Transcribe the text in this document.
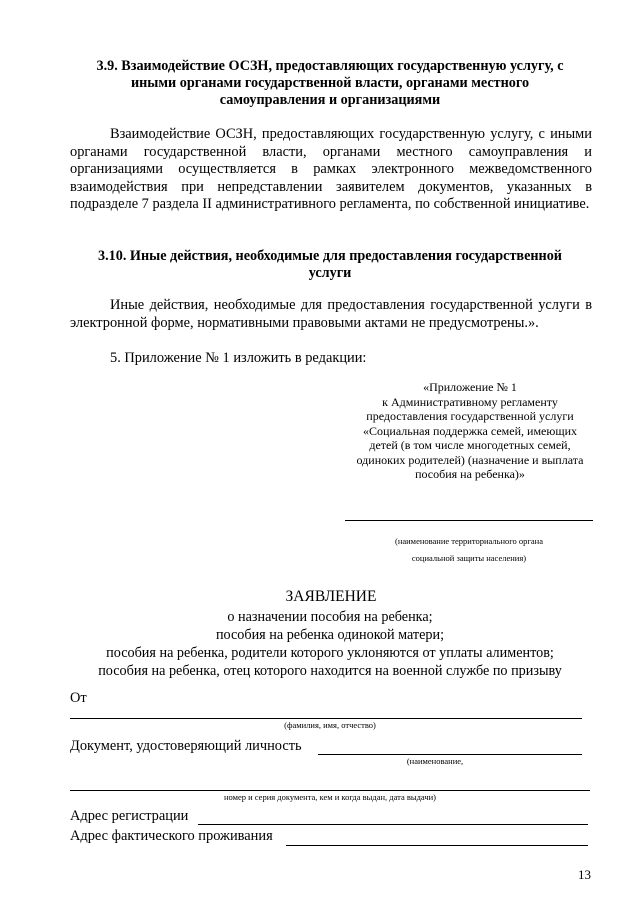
3.9. Взаимодействие ОСЗН, предоставляющих государственную услугу, с
иными органами государственной власти, органами местного
самоуправления и организациями
Взаимодействие ОСЗН, предоставляющих государственную услугу, с иными органами государственной власти, органами местного самоуправления и организациями осуществляется в рамках электронного межведомственного взаимодействия при непредставлении заявителем документов, указанных в подразделе 7 раздела II административного регламента, по собственной инициативе.
3.10. Иные действия, необходимые для предоставления государственной
услуги
Иные действия, необходимые для предоставления государственной услуги в электронной форме, нормативными правовыми актами не предусмотрены.».
5. Приложение № 1 изложить в редакции:
«Приложение № 1
к Административному регламенту
предоставления государственной услуги
«Социальная поддержка семей, имеющих
детей (в том числе многодетных семей,
одиноких родителей) (назначение и выплата
пособия на ребенка)»
(наименование территориального органа
социальной защиты населения)
ЗАЯВЛЕНИЕ
о назначении пособия на ребенка;
пособия на ребенка одинокой матери;
пособия на ребенка, родители которого уклоняются от уплаты алиментов;
пособия на ребенка, отец которого находится на военной службе по призыву
От
(фамилия, имя, отчество)
Документ, удостоверяющий личность
(наименование,
номер и серия документа, кем и когда выдан, дата выдачи)
Адрес регистрации
Адрес фактического проживания
13
